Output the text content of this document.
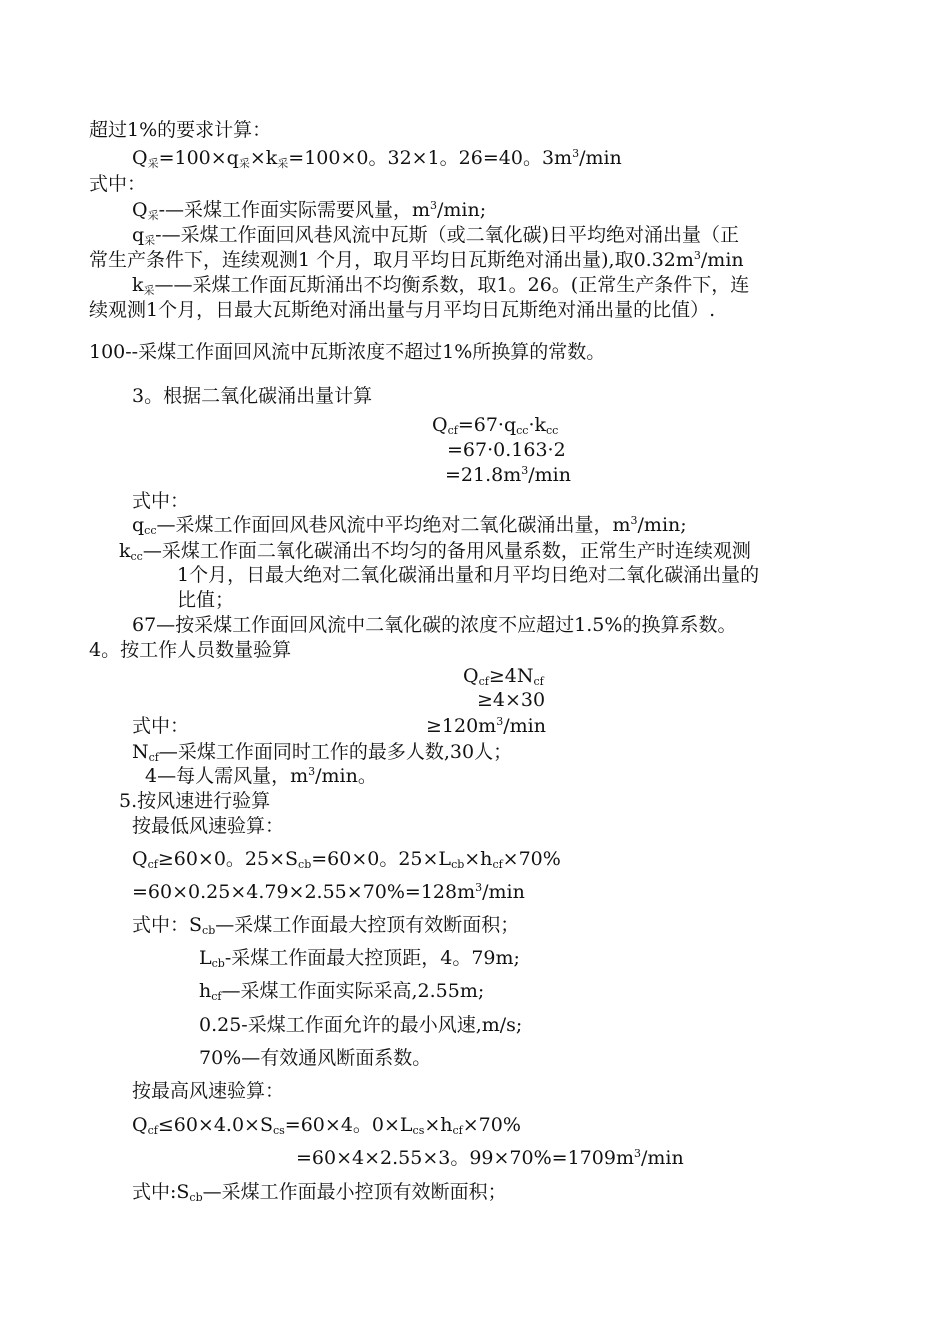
超过1%的要求计算：

$Q_采=100\times q_采\times k_采=100\times 0$。32×1。26=40。$3m^3/\min$

式中：

$Q_采-—$采煤工作面实际需要风量，$m^3/\min$;

$q_采-—$采煤工作面回风巷风流中瓦斯（或二氧化碳)日平均绝对涌出量（正

常生产条件下，连续观测1 个月，取月平均日瓦斯绝对涌出量),取$0.32m^3/\min$

$k_采——$采煤工作面瓦斯涌出不均衡系数，取1。26。(正常生产条件下，连

续观测1个月，日最大瓦斯绝对涌出量与月平均日瓦斯绝对涌出量的比值）.

100--采煤工作面回风流中瓦斯浓度不超过1%所换算的常数。

3。根据二氧化碳涌出量计算

$Q_{cf}=67\cdot q_{cc}\cdot k_{cc}$

=67·0.163·2

$=21.8m^3/\min$

式中：

$q_{cc}—$采煤工作面回风巷风流中平均绝对二氧化碳涌出量，$m^3/\min$;

$k_{cc}—$采煤工作面二氧化碳涌出不均匀的备用风量系数，正常生产时连续观测

1个月，日最大绝对二氧化碳涌出量和月平均日绝对二氧化碳涌出量的

比值；

67—按采煤工作面回风流中二氧化碳的浓度不应超过1.5%的换算系数。

4。按工作人员数量验算

$Q_{cf}\ge 4N_{cf}$

≥4×30

式中：	$\ge 120m^3/\min$

$N_{cf}—$采煤工作面同时工作的最多人数,30人；

4—每人需风量，$m^3/\min$。

5.按风速进行验算

按最低风速验算：

$Q_{cf}\ge 60\times 0$。$25\times S_{cb}=60\times 0$。$25\times L_{cb}\times h_{cf}\times 70\%$

$=60\times 0.25\times 4.79\times 2.55\times 70\%=128m^3/\min$

式中：$S_{cb}—$采煤工作面最大控顶有效断面积；

$L_{cb}-$采煤工作面最大控顶距，4。79m;

$h_{cf}—$采煤工作面实际采高,2.55m;

0.25-采煤工作面允许的最小风速,m/s;

70%—有效通风断面系数。

按最高风速验算：

$Q_{cf}\le 60\times 4.0\times S_{cs}=60\times 4$。$0\times L_{cs}\times h_{cf}\times 70\%$

=60×4×2.55×3。$99\times 70\%=1709m^3/\min$

式中$:S_{cb}—$采煤工作面最小控顶有效断面积；
